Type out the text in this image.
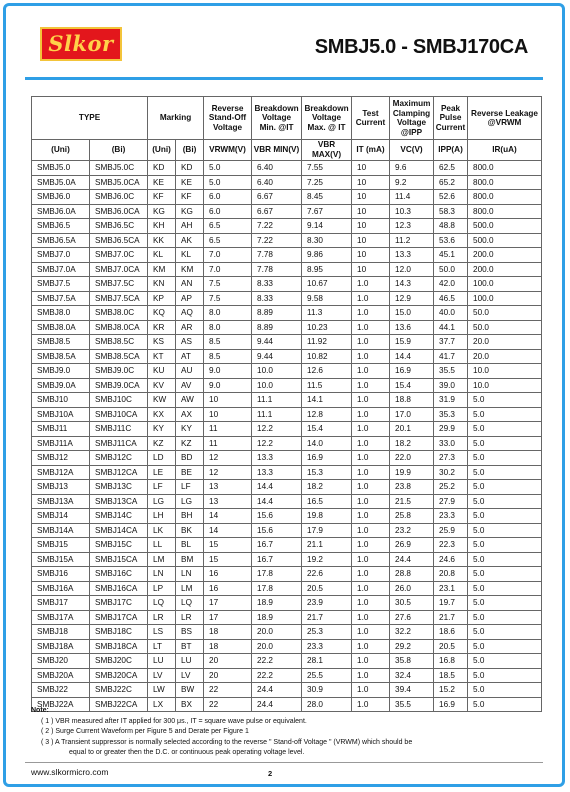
Slkor	SMBJ5.0 - SMBJ170CA
TYPE		Marking		Reverse Stand-Off Voltage	Breakdown Voltage Min. @IT	Breakdown Voltage Max. @ IT	Test Current	Maximum Clamping Voltage @IPP	Peak Pulse Current	Reverse Leakage @VRWM
(Uni)	(Bi)	(Uni)	(Bi)	VRWM(V)	VBR MIN(V)	VBR MAX(V)	IT (mA)	VC(V)	IPP(A)	IR(uA)
SMBJ5.0	SMBJ5.0C	KD	KD	5.0	6.40	7.55	10	9.6	62.5	800.0
SMBJ5.0A	SMBJ5.0CA	KE	KE	5.0	6.40	7.25	10	9.2	65.2	800.0
SMBJ6.0	SMBJ6.0C	KF	KF	6.0	6.67	8.45	10	11.4	52.6	800.0
SMBJ6.0A	SMBJ6.0CA	KG	KG	6.0	6.67	7.67	10	10.3	58.3	800.0
SMBJ6.5	SMBJ6.5C	KH	AH	6.5	7.22	9.14	10	12.3	48.8	500.0
SMBJ6.5A	SMBJ6.5CA	KK	AK	6.5	7.22	8.30	10	11.2	53.6	500.0
SMBJ7.0	SMBJ7.0C	KL	KL	7.0	7.78	9.86	10	13.3	45.1	200.0
SMBJ7.0A	SMBJ7.0CA	KM	KM	7.0	7.78	8.95	10	12.0	50.0	200.0
SMBJ7.5	SMBJ7.5C	KN	AN	7.5	8.33	10.67	1.0	14.3	42.0	100.0
SMBJ7.5A	SMBJ7.5CA	KP	AP	7.5	8.33	9.58	1.0	12.9	46.5	100.0
SMBJ8.0	SMBJ8.0C	KQ	AQ	8.0	8.89	11.3	1.0	15.0	40.0	50.0
SMBJ8.0A	SMBJ8.0CA	KR	AR	8.0	8.89	10.23	1.0	13.6	44.1	50.0
SMBJ8.5	SMBJ8.5C	KS	AS	8.5	9.44	11.92	1.0	15.9	37.7	20.0
SMBJ8.5A	SMBJ8.5CA	KT	AT	8.5	9.44	10.82	1.0	14.4	41.7	20.0
SMBJ9.0	SMBJ9.0C	KU	AU	9.0	10.0	12.6	1.0	16.9	35.5	10.0
SMBJ9.0A	SMBJ9.0CA	KV	AV	9.0	10.0	11.5	1.0	15.4	39.0	10.0
SMBJ10	SMBJ10C	KW	AW	10	11.1	14.1	1.0	18.8	31.9	5.0
SMBJ10A	SMBJ10CA	KX	AX	10	11.1	12.8	1.0	17.0	35.3	5.0
SMBJ11	SMBJ11C	KY	KY	11	12.2	15.4	1.0	20.1	29.9	5.0
SMBJ11A	SMBJ11CA	KZ	KZ	11	12.2	14.0	1.0	18.2	33.0	5.0
SMBJ12	SMBJ12C	LD	BD	12	13.3	16.9	1.0	22.0	27.3	5.0
SMBJ12A	SMBJ12CA	LE	BE	12	13.3	15.3	1.0	19.9	30.2	5.0
SMBJ13	SMBJ13C	LF	LF	13	14.4	18.2	1.0	23.8	25.2	5.0
SMBJ13A	SMBJ13CA	LG	LG	13	14.4	16.5	1.0	21.5	27.9	5.0
SMBJ14	SMBJ14C	LH	BH	14	15.6	19.8	1.0	25.8	23.3	5.0
SMBJ14A	SMBJ14CA	LK	BK	14	15.6	17.9	1.0	23.2	25.9	5.0
SMBJ15	SMBJ15C	LL	BL	15	16.7	21.1	1.0	26.9	22.3	5.0
SMBJ15A	SMBJ15CA	LM	BM	15	16.7	19.2	1.0	24.4	24.6	5.0
SMBJ16	SMBJ16C	LN	LN	16	17.8	22.6	1.0	28.8	20.8	5.0
SMBJ16A	SMBJ16CA	LP	LM	16	17.8	20.5	1.0	26.0	23.1	5.0
SMBJ17	SMBJ17C	LQ	LQ	17	18.9	23.9	1.0	30.5	19.7	5.0
SMBJ17A	SMBJ17CA	LR	LR	17	18.9	21.7	1.0	27.6	21.7	5.0
SMBJ18	SMBJ18C	LS	BS	18	20.0	25.3	1.0	32.2	18.6	5.0
SMBJ18A	SMBJ18CA	LT	BT	18	20.0	23.3	1.0	29.2	20.5	5.0
SMBJ20	SMBJ20C	LU	LU	20	22.2	28.1	1.0	35.8	16.8	5.0
SMBJ20A	SMBJ20CA	LV	LV	20	22.2	25.5	1.0	32.4	18.5	5.0
SMBJ22	SMBJ22C	LW	BW	22	24.4	30.9	1.0	39.4	15.2	5.0
SMBJ22A	SMBJ22CA	LX	BX	22	24.4	28.0	1.0	35.5	16.9	5.0
Note:
( 1 ) VBR measured after IT applied for 300 μs., IT = square wave pulse or equivalent.
( 2 ) Surge Current Waveform per Figure 5 and Derate per Figure 1
( 3 ) A Transient suppressor is normally selected according to the reverse " Stand-off Voltage " (VRWM) which should be
equal to or greater then the D.C. or continuous peak operating voltage level.
www.slkormicro.com	2
